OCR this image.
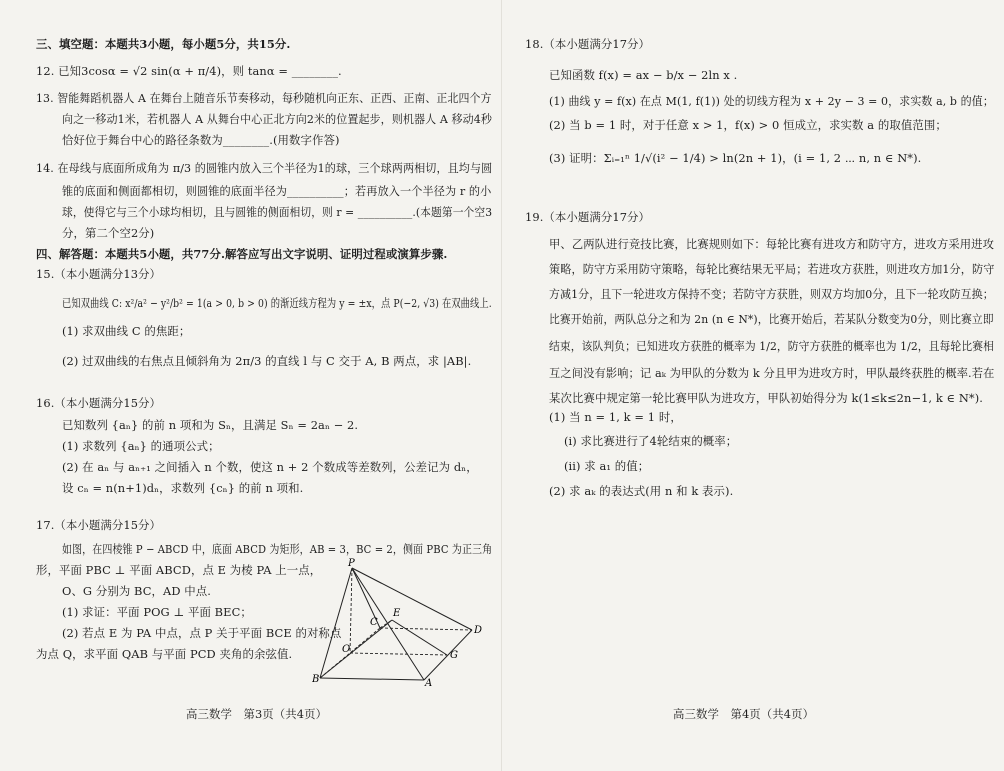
三、填空题：本题共3小题，每小题5分，共15分.
12. 已知3cosα = √2 sin(α + π/4)，则 tanα = ________.
13. 智能舞蹈机器人 A 在舞台上随音乐节奏移动，每秒随机向正东、正西、正南、正北四个方
向之一移动1米，若机器人 A 从舞台中心正北方向2米的位置起步，则机器人 A 移动4秒
恰好位于舞台中心的路径条数为________.(用数字作答)
14. 在母线与底面所成角为 π/3 的圆锥内放入三个半径为1的球，三个球两两相切，且均与圆
锥的底面和侧面都相切，则圆锥的底面半径为__________；若再放入一个半径为 r 的小
球，使得它与三个小球均相切，且与圆锥的侧面相切，则 r = __________.(本题第一个空3
分，第二个空2分)
四、解答题：本题共5小题，共77分.解答应写出文字说明、证明过程或演算步骤.
15.（本小题满分13分）
已知双曲线 C: x²/a² − y²/b² = 1(a > 0, b > 0) 的渐近线方程为 y = ±x，点 P(−2, √3) 在双曲线上.
(1) 求双曲线 C 的焦距；
(2) 过双曲线的右焦点且倾斜角为 2π/3 的直线 l 与 C 交于 A, B 两点，求 |AB|.
16.（本小题满分15分）
已知数列 {aₙ} 的前 n 项和为 Sₙ，且满足 Sₙ = 2aₙ − 2.
(1) 求数列 {aₙ} 的通项公式；
(2) 在 aₙ 与 aₙ₊₁ 之间插入 n 个数，使这 n + 2 个数成等差数列，公差记为 dₙ，
设 cₙ = n(n+1)dₙ，求数列 {cₙ} 的前 n 项和.
17.（本小题满分15分）
如图，在四棱锥 P − ABCD 中，底面 ABCD 为矩形，AB = 3，BC = 2，侧面 PBC 为正三角
形，平面 PBC ⊥ 平面 ABCD，点 E 为棱 PA 上一点，
O、G 分别为 BC，AD 中点.
(1) 求证：平面 POG ⊥ 平面 BEC；
(2) 若点 E 为 PA 中点，点 P 关于平面 BCE 的对称点
为点 Q，求平面 QAB 与平面 PCD 夹角的余弦值.
P
E
C
D
O
G
B	A
高三数学　第3页（共4页）
18.（本小题满分17分）
已知函数 f(x) = ax − b/x − 2ln x .
(1) 曲线 y = f(x) 在点 M(1, f(1)) 处的切线方程为 x + 2y − 3 = 0，求实数 a, b 的值；
(2) 当 b = 1 时，对于任意 x > 1，f(x) > 0 恒成立，求实数 a 的取值范围；
(3) 证明：Σᵢ₌₁ⁿ 1/√(i² − 1/4) > ln(2n + 1)，(i = 1, 2 ⋯ n, n ∈ N*).
19.（本小题满分17分）
甲、乙两队进行竞技比赛，比赛规则如下：每轮比赛有进攻方和防守方，进攻方采用进攻
策略，防守方采用防守策略，每轮比赛结果无平局；若进攻方获胜，则进攻方加1分，防守
方减1分，且下一轮进攻方保持不变；若防守方获胜，则双方均加0分，且下一轮攻防互换；
比赛开始前，两队总分之和为 2n (n ∈ N*)，比赛开始后，若某队分数变为0分，则比赛立即
结束，该队判负；已知进攻方获胜的概率为 1/2，防守方获胜的概率也为 1/2，且每轮比赛相
互之间没有影响；记 aₖ 为甲队的分数为 k 分且甲为进攻方时，甲队最终获胜的概率.若在
某次比赛中规定第一轮比赛甲队为进攻方，甲队初始得分为 k(1≤k≤2n−1, k ∈ N*).
(1) 当 n = 1, k = 1 时，
(i) 求比赛进行了4轮结束的概率；
(ii) 求 a₁ 的值；
(2) 求 aₖ 的表达式(用 n 和 k 表示).
高三数学　第4页（共4页）
